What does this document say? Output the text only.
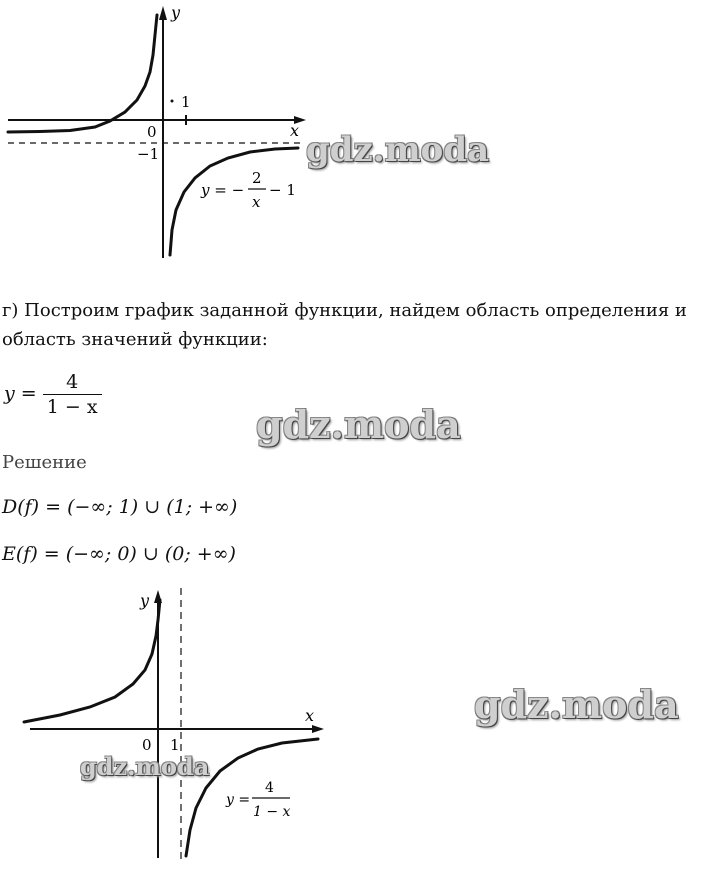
y
x
0
1
−1
y = −
2
x
− 1
gdz.moda
г) Построим график заданной функции, найдем область определения и область значений функции:
$y = \frac{4}{1 - x}$
gdz.moda
Решение
D(f) = (−∞; 1) ∪ (1; +∞)
E(f) = (−∞; 0) ∪ (0; +∞)
y
x
0 1
y =
4
1 − x
gdz.moda
gdz.moda
